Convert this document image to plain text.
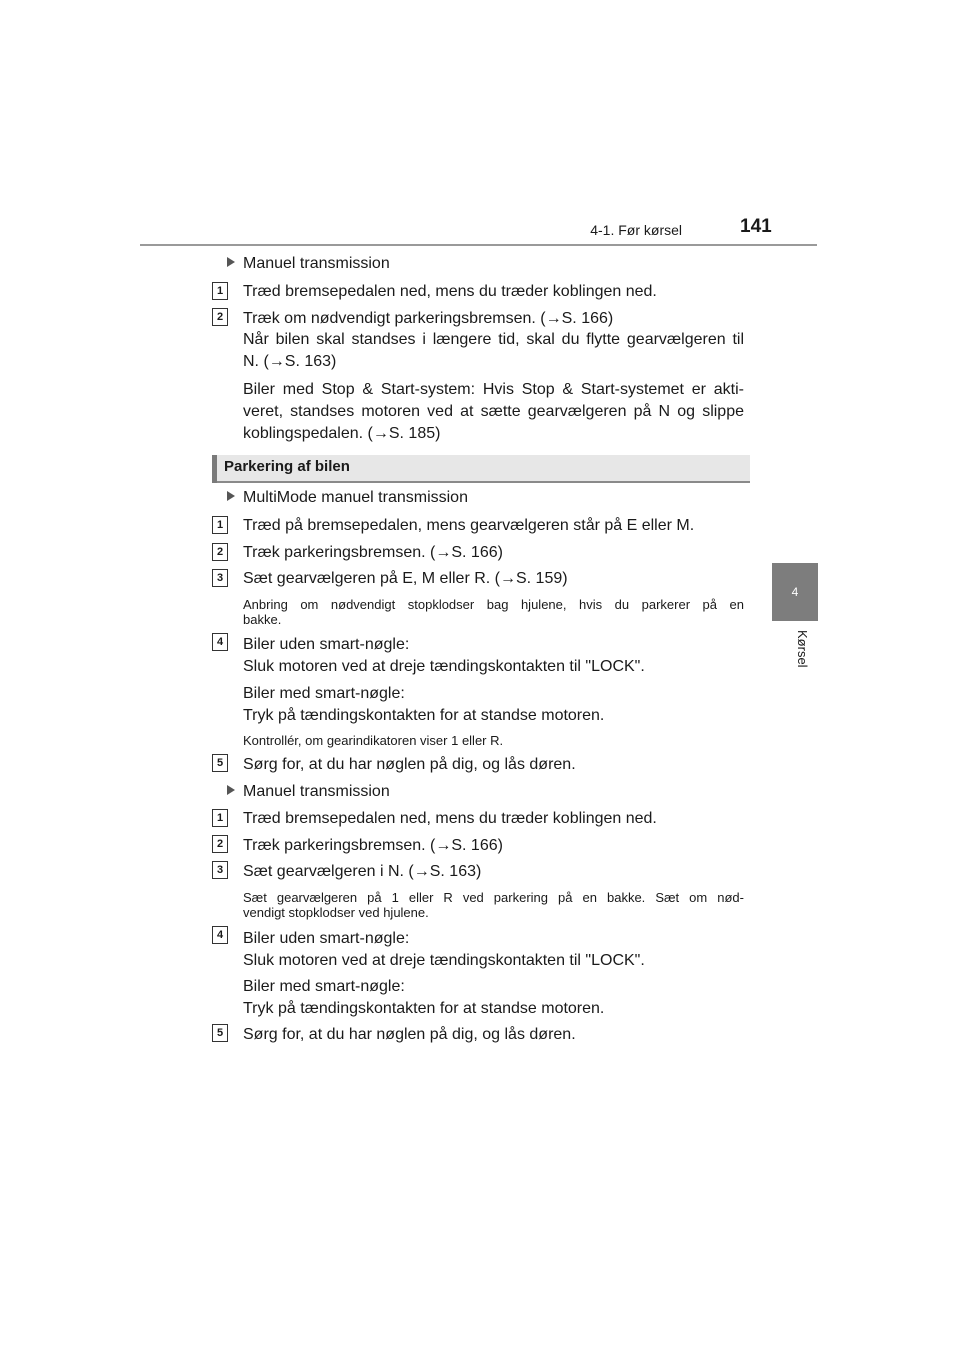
4-1. Før kørsel	141
4
Kørsel
Manuel transmission
1	Træd bremsepedalen ned, mens du træder koblingen ned.
2	Træk om nødvendigt parkeringsbremsen. (→S. 166)
Når bilen skal standses i længere tid, skal du flytte gearvælgeren til
N. (→S. 163)
Biler med Stop & Start-system: Hvis Stop & Start-systemet er akti-
veret, standses motoren ved at sætte gearvælgeren på N og slippe
koblingspedalen. (→S. 185)
Parkering af bilen
MultiMode manuel transmission
1	Træd på bremsepedalen, mens gearvælgeren står på E eller M.
2	Træk parkeringsbremsen. (→S. 166)
3	Sæt gearvælgeren på E, M eller R. (→S. 159)
Anbring om nødvendigt stopklodser bag hjulene, hvis du parkerer på en
bakke.
4	Biler uden smart-nøgle:
Sluk motoren ved at dreje tændingskontakten til "LOCK".
Biler med smart-nøgle:
Tryk på tændingskontakten for at standse motoren.
Kontrollér, om gearindikatoren viser 1 eller R.
5	Sørg for, at du har nøglen på dig, og lås døren.
Manuel transmission
1	Træd bremsepedalen ned, mens du træder koblingen ned.
2	Træk parkeringsbremsen. (→S. 166)
3	Sæt gearvælgeren i N. (→S. 163)
Sæt gearvælgeren på 1 eller R ved parkering på en bakke. Sæt om nød-
vendigt stopklodser ved hjulene.
4	Biler uden smart-nøgle:
Sluk motoren ved at dreje tændingskontakten til "LOCK".
Biler med smart-nøgle:
Tryk på tændingskontakten for at standse motoren.
5	Sørg for, at du har nøglen på dig, og lås døren.
